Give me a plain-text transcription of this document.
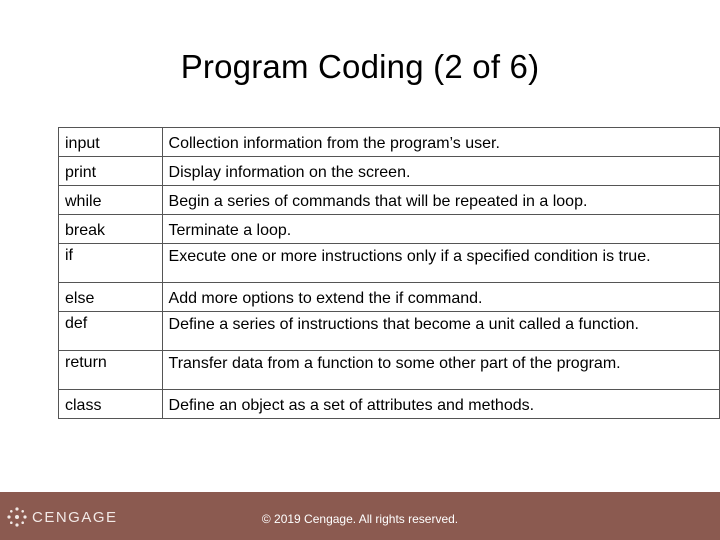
Program Coding (2 of 6)
input	Collection information from the program’s user.
print	Display information on the screen.
while	Begin a series of commands that will be repeated in a loop.
break	Terminate a loop.
if	Execute one or more instructions only if a specified condition is true.
else	Add more options to extend the if command.
def	Define a series of instructions that become a unit called a function.
return	Transfer data from a function to some other part of the program.
class	Define an object as a set of attributes and methods.
CENGAGE	© 2019 Cengage. All rights reserved.
